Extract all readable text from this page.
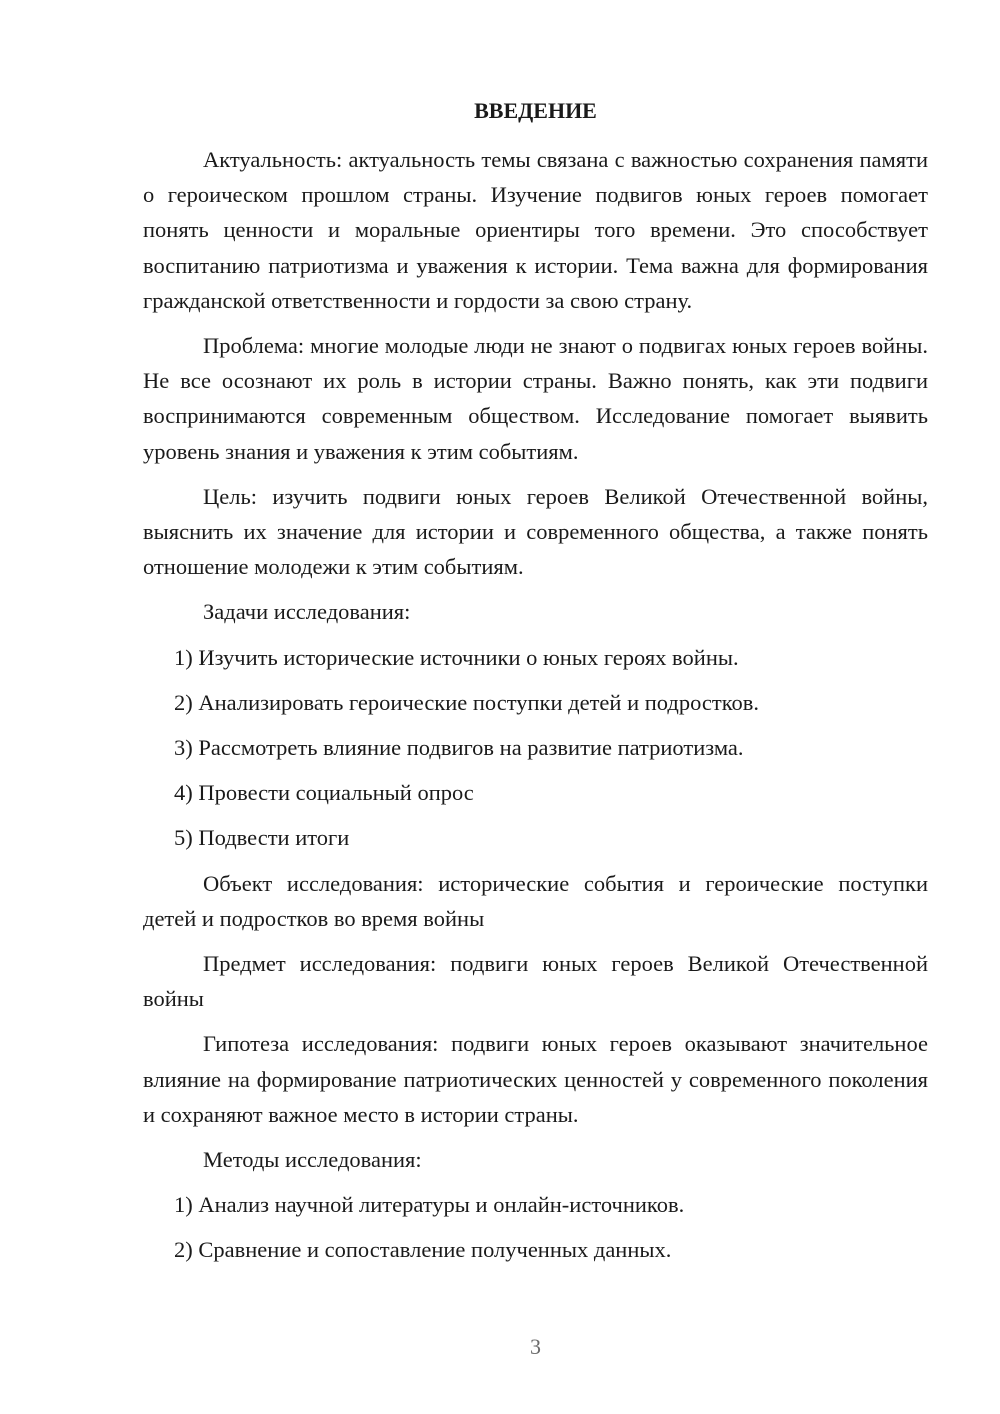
ВВЕДЕНИЕ

Актуальность: актуальность темы связана с важностью сохранения памяти о героическом прошлом страны. Изучение подвигов юных героев помогает понять ценности и моральные ориентиры того времени. Это способствует воспитанию патриотизма и уважения к истории. Тема важна для формирования гражданской ответственности и гордости за свою страну.

Проблема: многие молодые люди не знают о подвигах юных героев войны. Не все осознают их роль в истории страны. Важно понять, как эти подвиги воспринимаются современным обществом. Исследование помогает выявить уровень знания и уважения к этим событиям.

Цель: изучить подвиги юных героев Великой Отечественной войны, выяснить их значение для истории и современного общества, а также понять отношение молодежи к этим событиям.

Задачи исследования:

1) Изучить исторические источники о юных героях войны.

2) Анализировать героические поступки детей и подростков.

3) Рассмотреть влияние подвигов на развитие патриотизма.

4) Провести социальный опрос

5) Подвести итоги

Объект исследования: исторические события и героические поступки детей и подростков во время войны

Предмет исследования: подвиги юных героев Великой Отечественной войны

Гипотеза исследования: подвиги юных героев оказывают значительное влияние на формирование патриотических ценностей у современного поколения и сохраняют важное место в истории страны.

Методы исследования:

1) Анализ научной литературы и онлайн-источников.

2) Сравнение и сопоставление полученных данных.

3
